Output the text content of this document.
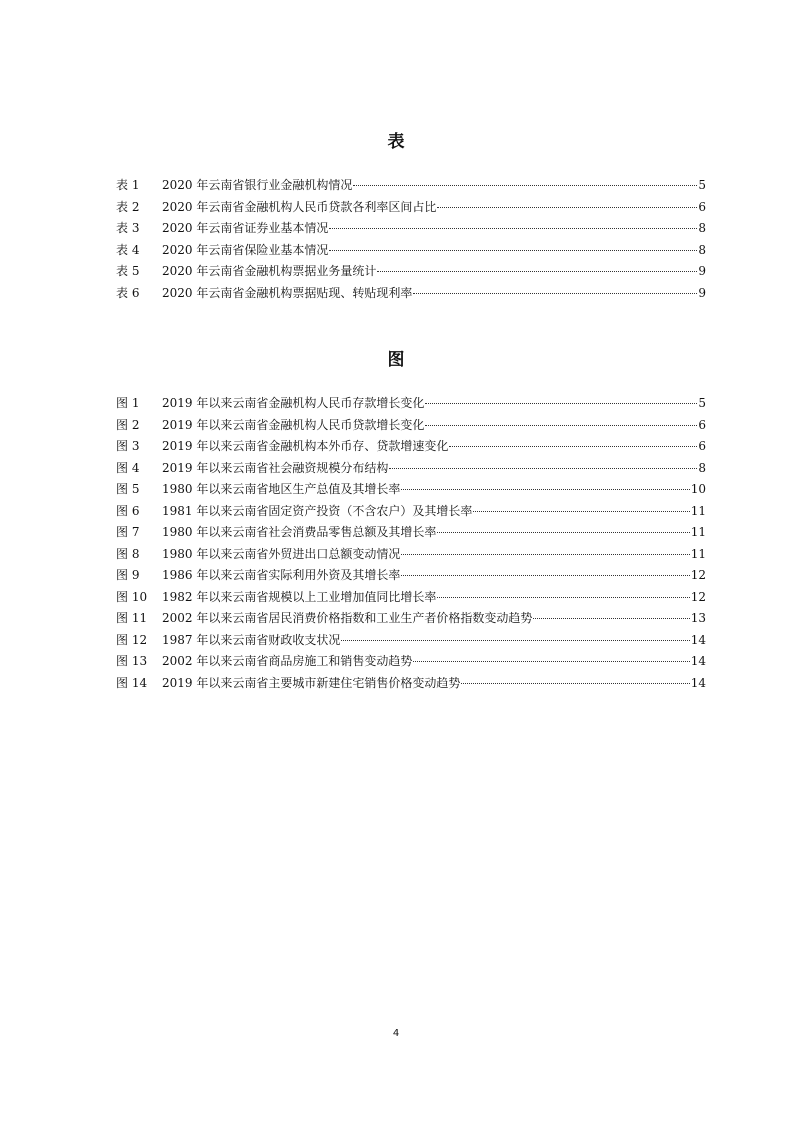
表
表 1	2020 年云南省银行业金融机构情况	5
表 2	2020 年云南省金融机构人民币贷款各利率区间占比	6
表 3	2020 年云南省证券业基本情况	8
表 4	2020 年云南省保险业基本情况	8
表 5	2020 年云南省金融机构票据业务量统计	9
表 6	2020 年云南省金融机构票据贴现、转贴现利率	9
图
图 1	2019 年以来云南省金融机构人民币存款增长变化	5
图 2	2019 年以来云南省金融机构人民币贷款增长变化	6
图 3	2019 年以来云南省金融机构本外币存、贷款增速变化	6
图 4	2019 年以来云南省社会融资规模分布结构	8
图 5	1980 年以来云南省地区生产总值及其增长率	10
图 6	1981 年以来云南省固定资产投资（不含农户）及其增长率	11
图 7	1980 年以来云南省社会消费品零售总额及其增长率	11
图 8	1980 年以来云南省外贸进出口总额变动情况	11
图 9	1986 年以来云南省实际利用外资及其增长率	12
图 10	1982 年以来云南省规模以上工业增加值同比增长率	12
图 11	2002 年以来云南省居民消费价格指数和工业生产者价格指数变动趋势	13
图 12	1987 年以来云南省财政收支状况	14
图 13	2002 年以来云南省商品房施工和销售变动趋势	14
图 14	2019 年以来云南省主要城市新建住宅销售价格变动趋势	14
4
